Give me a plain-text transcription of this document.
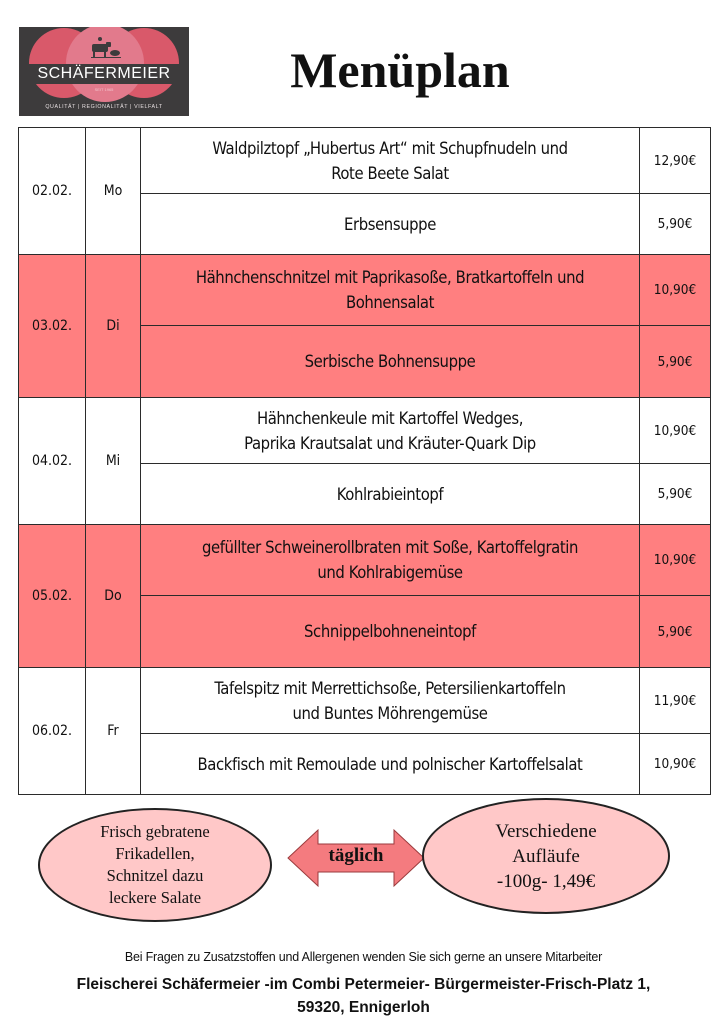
SCHÄFERMEIER
SEIT 1965
QUALITÄT | REGIONALITÄT | VIELFALT
Menüplan
02.02.	Mo	Waldpilztopf „Hubertus Art“ mit Schupfnudeln und
Rote Beete Salat	12,90€

		Erbsensuppe	5,90€
03.02.	Di	Hähnchenschnitzel mit Paprikasoße, Bratkartoffeln und
Bohnensalat	10,90€

		Serbische Bohnensuppe	5,90€
04.02.	Mi	Hähnchenkeule mit Kartoffel Wedges,
Paprika Krautsalat und Kräuter-Quark Dip	10,90€

		Kohlrabieintopf	5,90€
05.02.	Do	gefüllter Schweinerollbraten mit Soße, Kartoffelgratin
und Kohlrabigemüse	10,90€

		Schnippelbohneneintopf	5,90€
06.02.	Fr	Tafelspitz mit Merrettichsoße, Petersilienkartoffeln
und Buntes Möhrengemüse	11,90€

		Backfisch mit Remoulade und polnischer Kartoffelsalat	10,90€
Frisch gebratene
Frikadellen,
Schnitzel dazu
leckere Salate
täglich
Verschiedene
Aufläufe
-100g- 1,49€
Bei Fragen zu Zusatzstoffen und Allergenen wenden Sie sich gerne an unsere Mitarbeiter
Fleischerei Schäfermeier -im Combi Petermeier- Bürgermeister-Frisch-Platz 1,
59320, Ennigerloh
